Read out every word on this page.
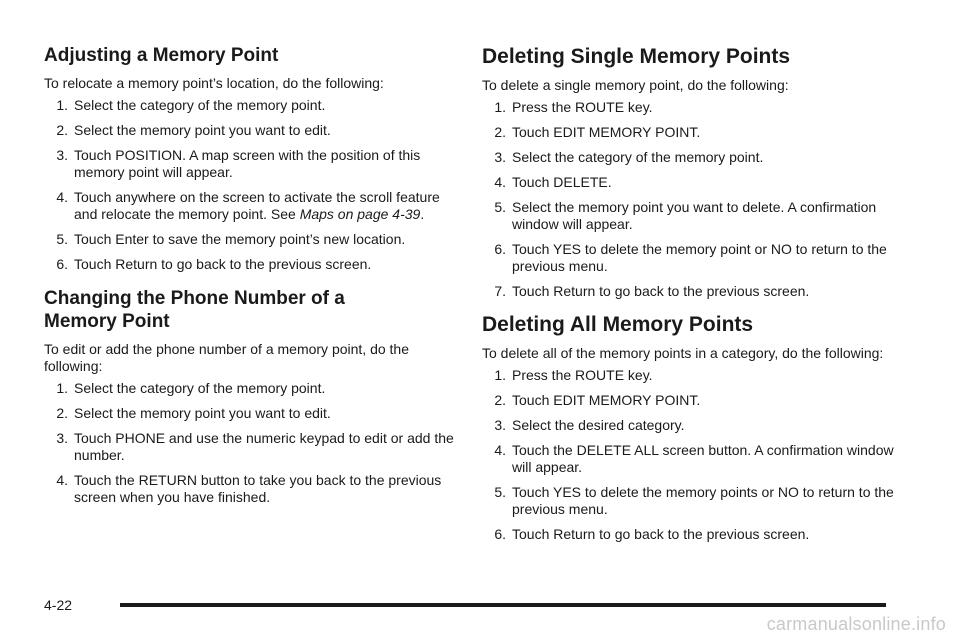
Adjusting a Memory Point

To relocate a memory point’s location, do the following:

1. Select the category of the memory point.
2. Select the memory point you want to edit.
3. Touch POSITION. A map screen with the position of this memory point will appear.
4. Touch anywhere on the screen to activate the scroll feature and relocate the memory point. See Maps on page 4-39.
5. Touch Enter to save the memory point’s new location.
6. Touch Return to go back to the previous screen.
Changing the Phone Number of a
Memory Point

To edit or add the phone number of a memory point, do the following:

1. Select the category of the memory point.
2. Select the memory point you want to edit.
3. Touch PHONE and use the numeric keypad to edit or add the number.
4. Touch the RETURN button to take you back to the previous screen when you have finished.
Deleting Single Memory Points

To delete a single memory point, do the following:

1. Press the ROUTE key.
2. Touch EDIT MEMORY POINT.
3. Select the category of the memory point.
4. Touch DELETE.
5. Select the memory point you want to delete. A confirmation window will appear.
6. Touch YES to delete the memory point or NO to return to the previous menu.
7. Touch Return to go back to the previous screen.
Deleting All Memory Points

To delete all of the memory points in a category, do the following:

1. Press the ROUTE key.
2. Touch EDIT MEMORY POINT.
3. Select the desired category.
4. Touch the DELETE ALL screen button. A confirmation window will appear.
5. Touch YES to delete the memory points or NO to return to the previous menu.
6. Touch Return to go back to the previous screen.
4-22
carmanualsonline.info
